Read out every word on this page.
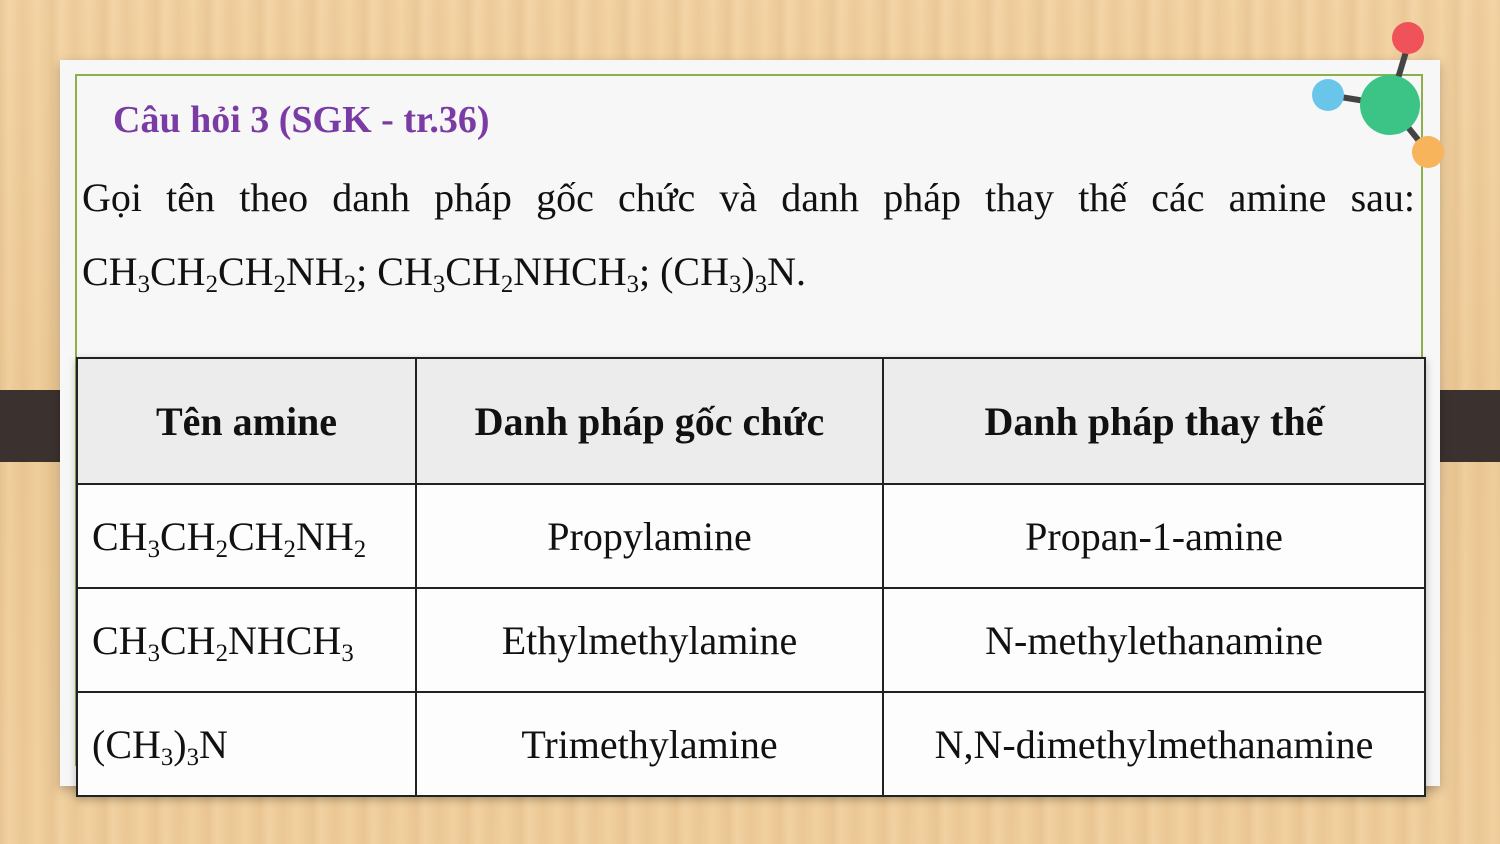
Câu hỏi 3 (SGK - tr.36)
Gọi tên theo danh pháp gốc chức và danh pháp thay thế các amine sau:
$CH_3CH_2CH_2NH_2$; $CH_3CH_2NHCH_3$; $(CH_3)_3N$.
Tên amine	Danh pháp gốc chức	Danh pháp thay thế
$CH_3CH_2CH_2NH_2$	Propylamine	Propan-1-amine
$CH_3CH_2NHCH_3$	Ethylmethylamine	N-methylethanamine
$(CH_3)_3N$	Trimethylamine	N,N-dimethylmethanamine
